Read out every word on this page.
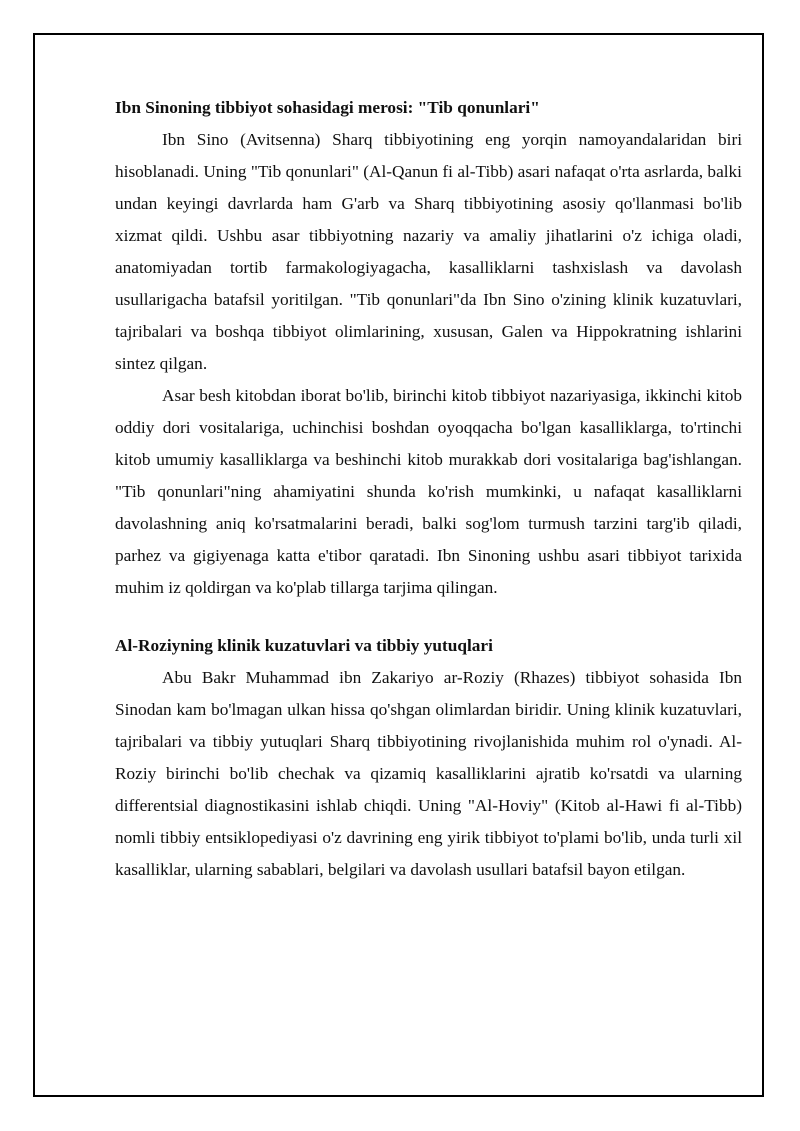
Ibn Sinoning tibbiyot sohasidagi merosi: "Tib qonunlari"

Ibn Sino (Avitsenna) Sharq tibbiyotining eng yorqin namoyandalaridan biri hisoblanadi. Uning "Tib qonunlari" (Al-Qanun fi al-Tibb) asari nafaqat o'rta asrlarda, balki undan keyingi davrlarda ham G'arb va Sharq tibbiyotining asosiy qo'llanmasi bo'lib xizmat qildi. Ushbu asar tibbiyotning nazariy va amaliy jihatlarini o'z ichiga oladi, anatomiyadan tortib farmakologiyagacha, kasalliklarni tashxislash va davolash usullarigacha batafsil yoritilgan. "Tib qonunlari"da Ibn Sino o'zining klinik kuzatuvlari, tajribalari va boshqa tibbiyot olimlarining, xususan, Galen va Hippokratning ishlarini sintez qilgan.

Asar besh kitobdan iborat bo'lib, birinchi kitob tibbiyot nazariyasiga, ikkinchi kitob oddiy dori vositalariga, uchinchisi boshdan oyoqqacha bo'lgan kasalliklarga, to'rtinchi kitob umumiy kasalliklarga va beshinchi kitob murakkab dori vositalariga bag'ishlangan. "Tib qonunlari"ning ahamiyatini shunda ko'rish mumkinki, u nafaqat kasalliklarni davolashning aniq ko'rsatmalarini beradi, balki sog'lom turmush tarzini targ'ib qiladi, parhez va gigiyenaga katta e'tibor qaratadi. Ibn Sinoning ushbu asari tibbiyot tarixida muhim iz qoldirgan va ko'plab tillarga tarjima qilingan.

Al-Roziyning klinik kuzatuvlari va tibbiy yutuqlari

Abu Bakr Muhammad ibn Zakariyo ar-Roziy (Rhazes) tibbiyot sohasida Ibn Sinodan kam bo'lmagan ulkan hissa qo'shgan olimlardan biridir. Uning klinik kuzatuvlari, tajribalari va tibbiy yutuqlari Sharq tibbiyotining rivojlanishida muhim rol o'ynadi. Al-Roziy birinchi bo'lib chechak va qizamiq kasalliklarini ajratib ko'rsatdi va ularning differentsial diagnostikasini ishlab chiqdi. Uning "Al-Hoviy" (Kitob al-Hawi fi al-Tibb) nomli tibbiy entsiklopediyasi o'z davrining eng yirik tibbiyot to'plami bo'lib, unda turli xil kasalliklar, ularning sabablari, belgilari va davolash usullari batafsil bayon etilgan.
